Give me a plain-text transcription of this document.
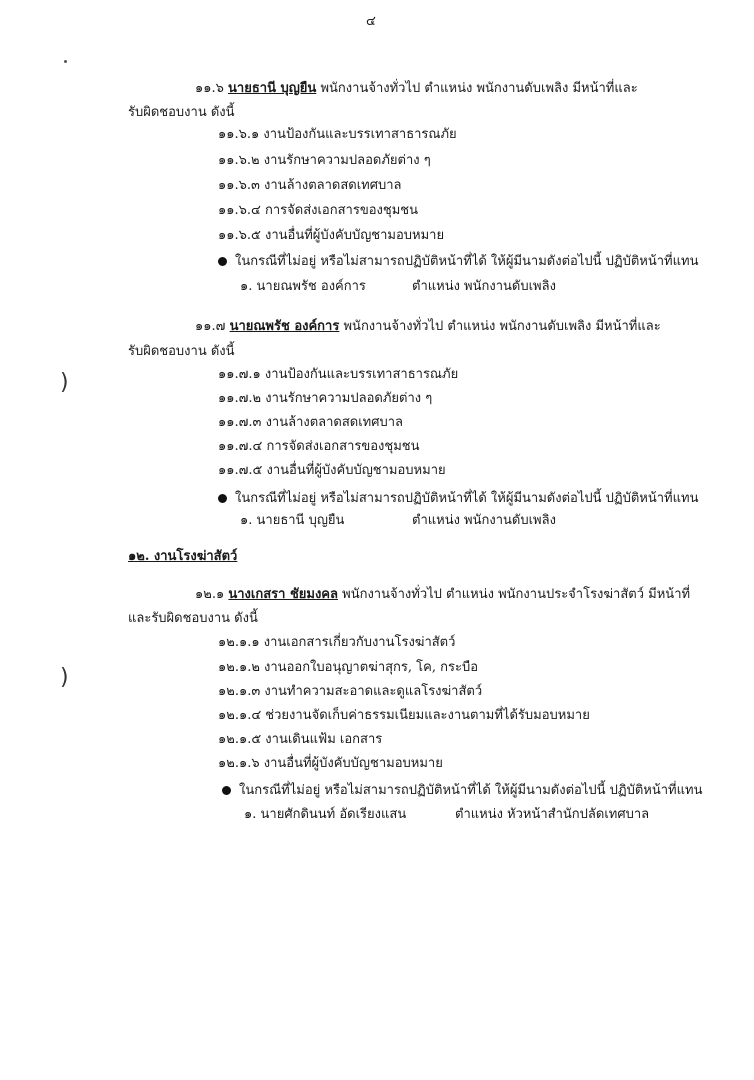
๔
๑๑.๖ นายธานี บุญยืน พนักงานจ้างทั่วไป ตำแหน่ง พนักงานดับเพลิง มีหน้าที่และ
รับผิดชอบงาน ดังนี้
๑๑.๖.๑ งานป้องกันและบรรเทาสาธารณภัย
๑๑.๖.๒ งานรักษาความปลอดภัยต่าง ๆ
๑๑.๖.๓ งานล้างตลาดสดเทศบาล
๑๑.๖.๔ การจัดส่งเอกสารของชุมชน
๑๑.๖.๕ งานอื่นที่ผู้บังคับบัญชามอบหมาย
ในกรณีที่ไม่อยู่ หรือไม่สามารถปฏิบัติหน้าที่ได้ ให้ผู้มีนามดังต่อไปนี้ ปฏิบัติหน้าที่แทน
๑. นายณพรัช องค์การ	ตำแหน่ง พนักงานดับเพลิง
๑๑.๗ นายณพรัช องค์การ พนักงานจ้างทั่วไป ตำแหน่ง พนักงานดับเพลิง มีหน้าที่และ
รับผิดชอบงาน ดังนี้
๑๑.๗.๑ งานป้องกันและบรรเทาสาธารณภัย
๑๑.๗.๒ งานรักษาความปลอดภัยต่าง ๆ
๑๑.๗.๓ งานล้างตลาดสดเทศบาล
๑๑.๗.๔ การจัดส่งเอกสารของชุมชน
๑๑.๗.๕ งานอื่นที่ผู้บังคับบัญชามอบหมาย
ในกรณีที่ไม่อยู่ หรือไม่สามารถปฏิบัติหน้าที่ได้ ให้ผู้มีนามดังต่อไปนี้ ปฏิบัติหน้าที่แทน
๑. นายธานี บุญยืน	ตำแหน่ง พนักงานดับเพลิง
)
๑๒. งานโรงฆ่าสัตว์
๑๒.๑ นางเกสรา ชัยมงคล พนักงานจ้างทั่วไป ตำแหน่ง พนักงานประจำโรงฆ่าสัตว์ มีหน้าที่
และรับผิดชอบงาน ดังนี้
๑๒.๑.๑ งานเอกสารเกี่ยวกับงานโรงฆ่าสัตว์
๑๒.๑.๒ งานออกใบอนุญาตฆ่าสุกร, โค, กระบือ
๑๒.๑.๓ งานทำความสะอาดและดูแลโรงฆ่าสัตว์
๑๒.๑.๔ ช่วยงานจัดเก็บค่าธรรมเนียมและงานตามที่ได้รับมอบหมาย
๑๒.๑.๕ งานเดินแฟ้ม เอกสาร
๑๒.๑.๖ งานอื่นที่ผู้บังคับบัญชามอบหมาย
ในกรณีที่ไม่อยู่ หรือไม่สามารถปฏิบัติหน้าที่ได้ ให้ผู้มีนามดังต่อไปนี้ ปฏิบัติหน้าที่แทน
๑. นายศักดินนท์ อัดเรียงแสน	ตำแหน่ง หัวหน้าสำนักปลัดเทศบาล
)
